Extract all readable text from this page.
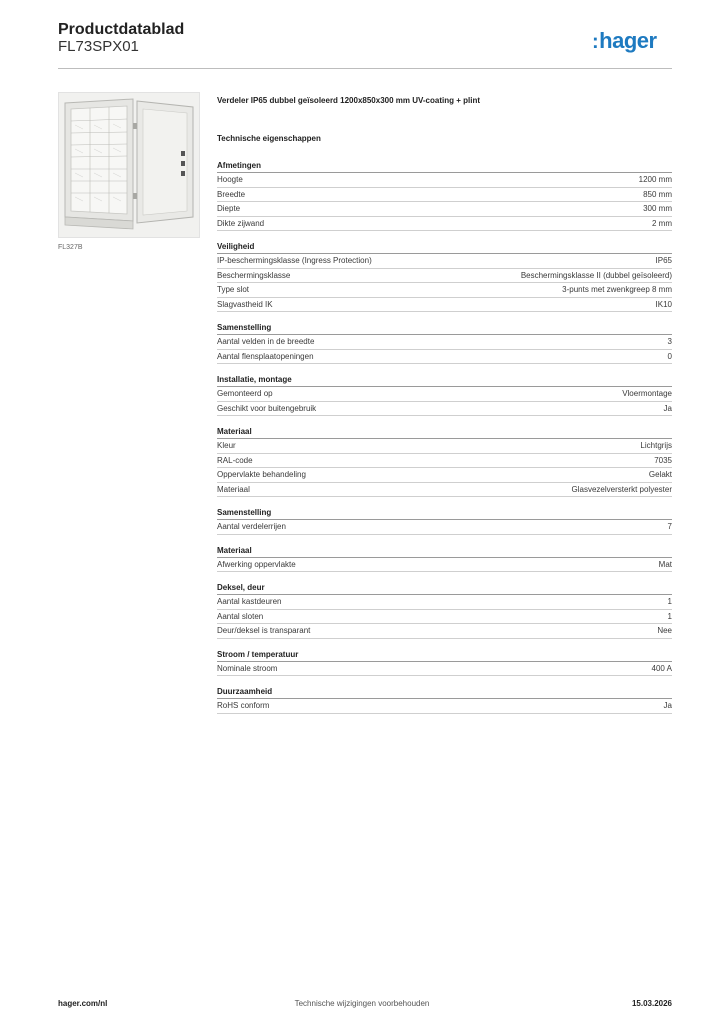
Productdatablad
FL73SPX01	:hager
FL327B
Verdeler IP65 dubbel geïsoleerd 1200x850x300 mm UV-coating + plint
Technische eigenschappen
Afmetingen
Hoogte	1200 mm
Breedte	850 mm
Diepte	300 mm
Dikte zijwand	2 mm
Veiligheid
IP-beschermingsklasse (Ingress Protection)	IP65
Beschermingsklasse	Beschermingsklasse II (dubbel geïsoleerd)
Type slot	3-punts met zwenkgreep 8 mm
Slagvastheid IK	IK10
Samenstelling
Aantal velden in de breedte	3
Aantal flensplaatopeningen	0
Installatie, montage
Gemonteerd op	Vloermontage
Geschikt voor buitengebruik	Ja
Materiaal
Kleur	Lichtgrijs
RAL-code	7035
Oppervlakte behandeling	Gelakt
Materiaal	Glasvezelversterkt polyester
Samenstelling
Aantal verdelerrijen	7
Materiaal
Afwerking oppervlakte	Mat
Deksel, deur
Aantal kastdeuren	1
Aantal sloten	1
Deur/deksel is transparant	Nee
Stroom / temperatuur
Nominale stroom	400 A
Duurzaamheid
RoHS conform	Ja
hager.com/nl	Technische wijzigingen voorbehouden	15.03.2026
